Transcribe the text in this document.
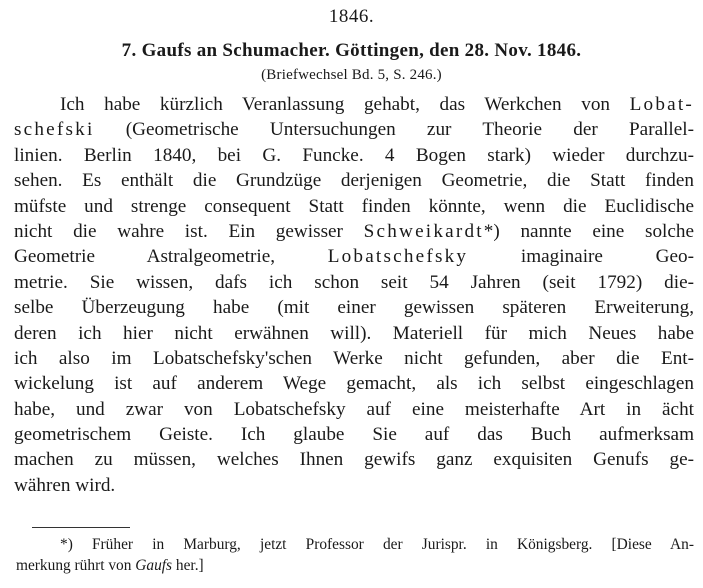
1846.
7. Gaufs an Schumacher. Göttingen, den 28. Nov. 1846.
(Briefwechsel Bd. 5, S. 246.)
Ich habe kürzlich Veranlassung gehabt, das Werkchen von Lobat-
schefski (Geometrische Untersuchungen zur Theorie der Parallel-
linien. Berlin 1840, bei G. Funcke. 4 Bogen stark) wieder durchzu-
sehen. Es enthält die Grundzüge derjenigen Geometrie, die Statt finden
müfste und strenge consequent Statt finden könnte, wenn die Euclidische
nicht die wahre ist. Ein gewisser Schweikardt*) nannte eine solche
Geometrie Astralgeometrie, Lobatschefsky imaginaire Geo-
metrie. Sie wissen, dafs ich schon seit 54 Jahren (seit 1792) die-
selbe Überzeugung habe (mit einer gewissen späteren Erweiterung,
deren ich hier nicht erwähnen will). Materiell für mich Neues habe
ich also im Lobatschefsky'schen Werke nicht gefunden, aber die Ent-
wickelung ist auf anderem Wege gemacht, als ich selbst eingeschlagen
habe, und zwar von Lobatschefsky auf eine meisterhafte Art in ächt
geometrischem Geiste. Ich glaube Sie auf das Buch aufmerksam
machen zu müssen, welches Ihnen gewifs ganz exquisiten Genufs ge-
währen wird.
*) Früher in Marburg, jetzt Professor der Jurispr. in Königsberg. [Diese An-
merkung rührt von Gaufs her.]
